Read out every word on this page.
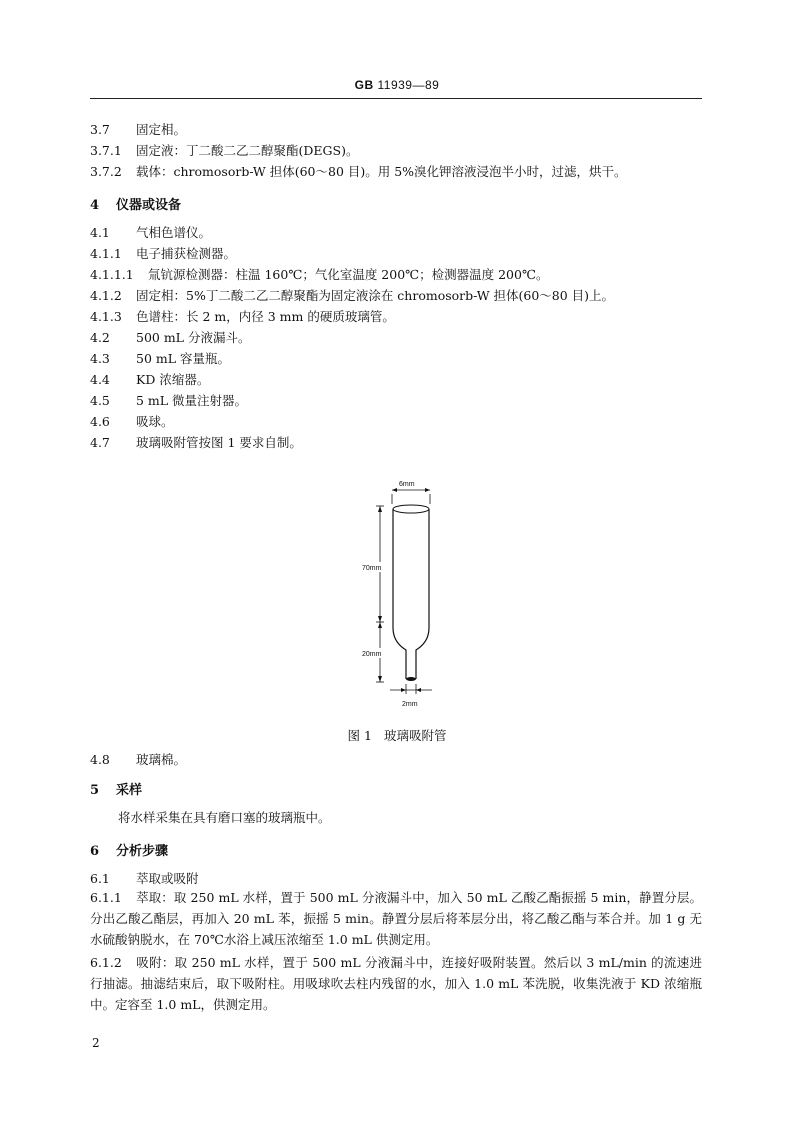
GB 11939—89
3.7 固定相。
3.7.1 固定液：丁二酸二乙二醇聚酯(DEGS)。
3.7.2 载体：chromosorb-W 担体(60～80 目)。用 5%溴化钾溶液浸泡半小时，过滤，烘干。
4 仪器或设备
4.1 气相色谱仪。
4.1.1 电子捕获检测器。
4.1.1.1 氚钪源检测器：柱温 160℃；气化室温度 200℃；检测器温度 200℃。
4.1.2 固定相：5%丁二酸二乙二醇聚酯为固定液涂在 chromosorb-W 担体(60～80 目)上。
4.1.3 色谱柱：长 2 m，内径 3 mm 的硬质玻璃管。
4.2 500 mL 分液漏斗。
4.3 50 mL 容量瓶。
4.4 KD 浓缩器。
4.5 5 mL 微量注射器。
4.6 吸球。
4.7 玻璃吸附管按图 1 要求自制。
6mm
70mm
20mm
2mm
图 1 玻璃吸附管
4.8 玻璃棉。
5 采样
将水样采集在具有磨口塞的玻璃瓶中。
6 分析步骤
6.1 萃取或吸附
6.1.1 萃取：取 250 mL 水样，置于 500 mL 分液漏斗中，加入 50 mL 乙酸乙酯振摇 5 min，静置分层。分出乙酸乙酯层，再加入 20 mL 苯，振摇 5 min。静置分层后将苯层分出，将乙酸乙酯与苯合并。加 1 g 无水硫酸钠脱水，在 70℃水浴上减压浓缩至 1.0 mL 供测定用。
6.1.2 吸附：取 250 mL 水样，置于 500 mL 分液漏斗中，连接好吸附装置。然后以 3 mL/min 的流速进行抽滤。抽滤结束后，取下吸附柱。用吸球吹去柱内残留的水，加入 1.0 mL 苯洗脱，收集洗液于 KD 浓缩瓶中。定容至 1.0 mL，供测定用。
2
